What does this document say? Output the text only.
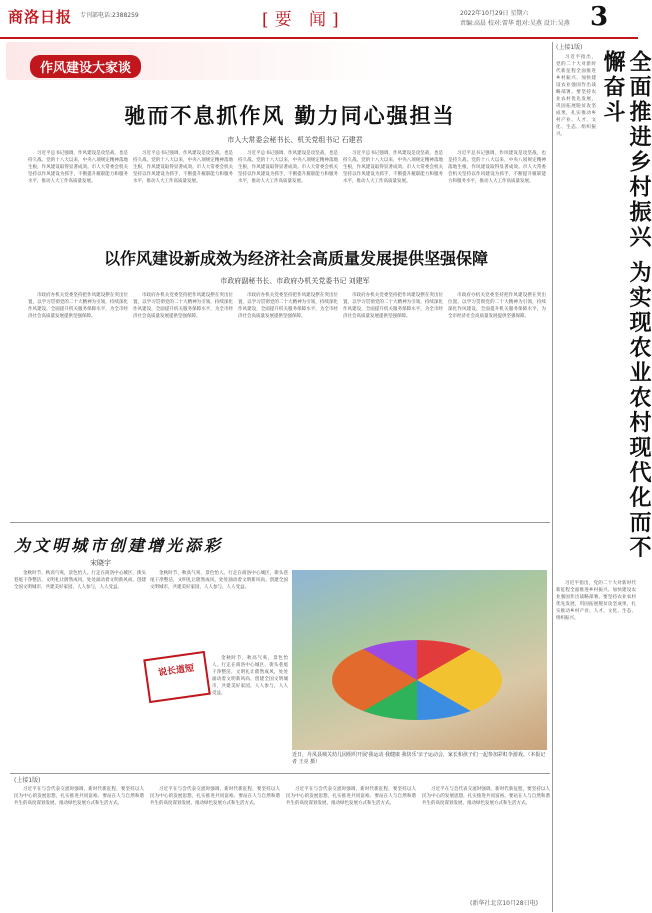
商洛日报 专刊部电话:2388259	[要 闻]	2022年10月29日 星期六
责编:高晨 校对:雷华 组对:吴燕 设计:吴燕 3
作风建设大家谈
驰而不息抓作风 勤力同心强担当
市人大常委会秘书长、机关党组书记 石建君
习近平总书记强调，作风建设是攻坚战，也是持久战。党的十八大以来，中央八项规定精神落地生根，作风建设取得显著成效。市人大常委会机关坚持以作风建设为抓手，不断提升履职能力和服务水平，推动人大工作高质量发展。
习近平总书记强调，作风建设是攻坚战，也是持久战。党的十八大以来，中央八项规定精神落地生根，作风建设取得显著成效。市人大常委会机关坚持以作风建设为抓手，不断提升履职能力和服务水平，推动人大工作高质量发展。
习近平总书记强调，作风建设是攻坚战，也是持久战。党的十八大以来，中央八项规定精神落地生根，作风建设取得显著成效。市人大常委会机关坚持以作风建设为抓手，不断提升履职能力和服务水平，推动人大工作高质量发展。
习近平总书记强调，作风建设是攻坚战，也是持久战。党的十八大以来，中央八项规定精神落地生根，作风建设取得显著成效。市人大常委会机关坚持以作风建设为抓手，不断提升履职能力和服务水平，推动人大工作高质量发展。
习近平总书记强调，作风建设是攻坚战，也是持久战。党的十八大以来，中央八项规定精神落地生根，作风建设取得显著成效。市人大常委会机关坚持以作风建设为抓手，不断提升履职能力和服务水平，推动人大工作高质量发展。
以作风建设新成效为经济社会高质量发展提供坚强保障
市政府副秘书长、市政府办机关党委书记 刘建军
市政府办机关党委坚持把作风建设摆在突出位置，以学习贯彻党的二十大精神为引领，持续深化作风建设，全面提升机关服务保障水平，为全市经济社会高质量发展提供坚强保障。
市政府办机关党委坚持把作风建设摆在突出位置，以学习贯彻党的二十大精神为引领，持续深化作风建设，全面提升机关服务保障水平，为全市经济社会高质量发展提供坚强保障。
市政府办机关党委坚持把作风建设摆在突出位置，以学习贯彻党的二十大精神为引领，持续深化作风建设，全面提升机关服务保障水平，为全市经济社会高质量发展提供坚强保障。
市政府办机关党委坚持把作风建设摆在突出位置，以学习贯彻党的二十大精神为引领，持续深化作风建设，全面提升机关服务保障水平，为全市经济社会高质量发展提供坚强保障。
市政府办机关党委坚持把作风建设摆在突出位置，以学习贯彻党的二十大精神为引领，持续深化作风建设，全面提升机关服务保障水平，为全市经济社会高质量发展提供坚强保障。
(上接1版)
习近平指出，党的二十大对新时代新征程全面推进乡村振兴、加快建设农业强国作出战略部署。要坚持农业农村优先发展，巩固拓展脱贫攻坚成果，扎实推动乡村产业、人才、文化、生态、组织振兴。	全面推进乡村振兴 为实现农业农村现代化而不懈奋斗
习近平指出，党的二十大对新时代新征程全面推进乡村振兴、加快建设农业强国作出战略部署。要坚持农业农村优先发展，巩固拓展脱贫攻坚成果，扎实推动乡村产业、人才、文化、生态、组织振兴。
为文明城市创建增光添彩
宋晓宇
金秋时节，秋高气爽，景色怡人。行走在商洛中心城区，街头巷尾干净整洁，文明礼让蔚然成风，处处涌动着文明新风尚。创建全国文明城市，共建美好家园，人人参与，人人受益。
金秋时节，秋高气爽，景色怡人。行走在商洛中心城区，街头巷尾干净整洁，文明礼让蔚然成风，处处涌动着文明新风尚。创建全国文明城市，共建美好家园，人人参与，人人受益。
金秋时节，秋高气爽，景色怡人。行走在商洛中心城区，街头巷尾干净整洁，文明礼让蔚然成风，处处涌动着文明新风尚。创建全国文明城市，共建美好家园，人人参与，人人受益。
说长道短
近日，丹凤县城关幼儿园组织开展'我运动 我健康 我快乐'亲子运动会，家长和孩子们一起参加彩虹伞游戏。（本报记者 王亮 摄）
(上接1版)
习近平在与会代表交流时强调，新时代新征程，要坚持以人民为中心的发展思想，扎实推进共同富裕。要站在人与自然和谐共生的高度谋划发展，推动绿色发展方式和生活方式。
习近平在与会代表交流时强调，新时代新征程，要坚持以人民为中心的发展思想，扎实推进共同富裕。要站在人与自然和谐共生的高度谋划发展，推动绿色发展方式和生活方式。
习近平在与会代表交流时强调，新时代新征程，要坚持以人民为中心的发展思想，扎实推进共同富裕。要站在人与自然和谐共生的高度谋划发展，推动绿色发展方式和生活方式。
习近平在与会代表交流时强调，新时代新征程，要坚持以人民为中心的发展思想，扎实推进共同富裕。要站在人与自然和谐共生的高度谋划发展，推动绿色发展方式和生活方式。
(新华社北京10月28日电)
